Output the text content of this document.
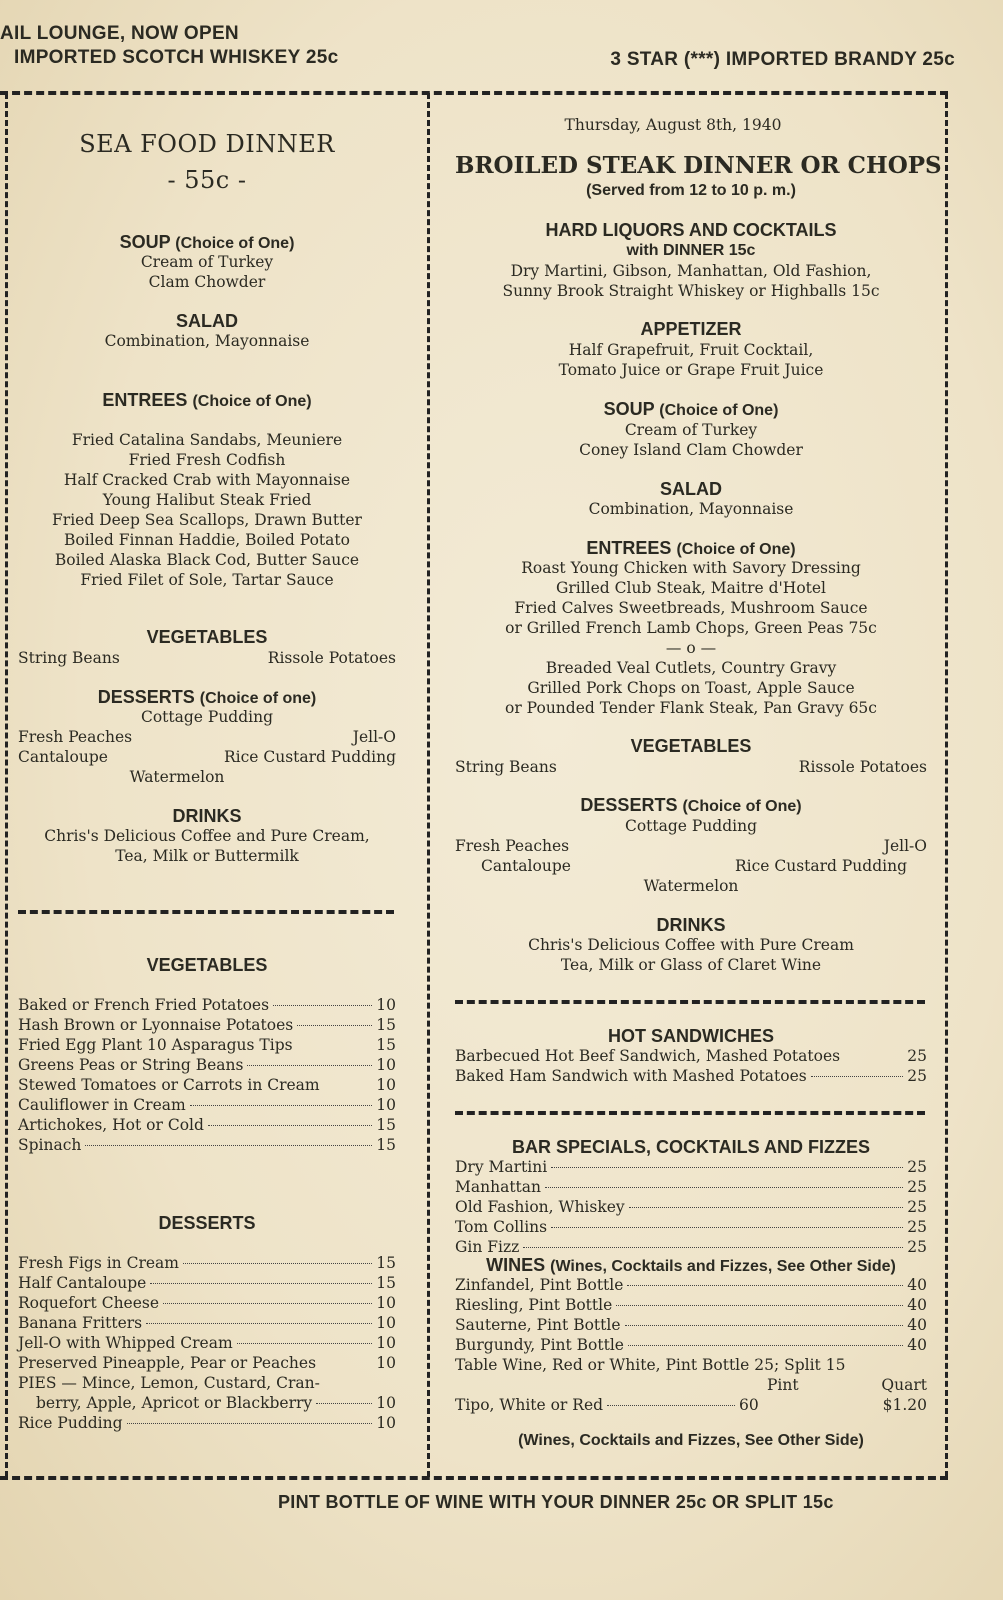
AIL LOUNGE, NOW OPEN
IMPORTED SCOTCH WHISKEY 25c	3 STAR (***) IMPORTED BRANDY 25c
PINT BOTTLE OF WINE WITH YOUR DINNER 25c OR SPLIT 15c
SEA FOOD DINNER
- 55c -
SOUP (Choice of One)
Cream of Turkey
Clam Chowder
SALAD
Combination, Mayonnaise
ENTREES (Choice of One)
Fried Catalina Sandabs, Meuniere
Fried Fresh Codfish
Half Cracked Crab with Mayonnaise
Young Halibut Steak Fried
Fried Deep Sea Scallops, Drawn Butter
Boiled Finnan Haddie, Boiled Potato
Boiled Alaska Black Cod, Butter Sauce
Fried Filet of Sole, Tartar Sauce
VEGETABLES
String Beans	Rissole Potatoes
DESSERTS (Choice of one)
Cottage Pudding
Fresh Peaches	Jell-O
Cantaloupe	Rice Custard Pudding
Watermelon
DRINKS
Chris's Delicious Coffee and Pure Cream,
Tea, Milk or Buttermilk
VEGETABLES
Baked or French Fried Potatoes	10
Hash Brown or Lyonnaise Potatoes	15
Fried Egg Plant 10 Asparagus Tips	15
Greens Peas or String Beans	10
Stewed Tomatoes or Carrots in Cream	10
Cauliflower in Cream	10
Artichokes, Hot or Cold	15
Spinach	15
DESSERTS
Fresh Figs in Cream	15
Half Cantaloupe	15
Roquefort Cheese	10
Banana Fritters	10
Jell-O with Whipped Cream	10
Preserved Pineapple, Pear or Peaches	10
PIES — Mince, Lemon, Custard, Cran-
berry, Apple, Apricot or Blackberry	10
Rice Pudding	10
Thursday, August 8th, 1940
BROILED STEAK DINNER OR CHOPS
(Served from 12 to 10 p. m.)
HARD LIQUORS AND COCKTAILS
with DINNER 15c
Dry Martini, Gibson, Manhattan, Old Fashion,
Sunny Brook Straight Whiskey or Highballs 15c
APPETIZER
Half Grapefruit, Fruit Cocktail,
Tomato Juice or Grape Fruit Juice
SOUP (Choice of One)
Cream of Turkey
Coney Island Clam Chowder
SALAD
Combination, Mayonnaise
ENTREES (Choice of One)
Roast Young Chicken with Savory Dressing
Grilled Club Steak, Maitre d'Hotel
Fried Calves Sweetbreads, Mushroom Sauce
or Grilled French Lamb Chops, Green Peas 75c
— o —
Breaded Veal Cutlets, Country Gravy
Grilled Pork Chops on Toast, Apple Sauce
or Pounded Tender Flank Steak, Pan Gravy 65c
VEGETABLES
String Beans	Rissole Potatoes
DESSERTS (Choice of One)
Cottage Pudding
Fresh Peaches	Jell-O
Cantaloupe	Rice Custard Pudding
Watermelon
DRINKS
Chris's Delicious Coffee with Pure Cream
Tea, Milk or Glass of Claret Wine
HOT SANDWICHES
Barbecued Hot Beef Sandwich, Mashed Potatoes	25
Baked Ham Sandwich with Mashed Potatoes	25
BAR SPECIALS, COCKTAILS AND FIZZES
Dry Martini	25
Manhattan	25
Old Fashion, Whiskey	25
Tom Collins	25
Gin Fizz	25
WINES (Wines, Cocktails and Fizzes, See Other Side)
Zinfandel, Pint Bottle	40
Riesling, Pint Bottle	40
Sauterne, Pint Bottle	40
Burgundy, Pint Bottle	40
Table Wine, Red or White, Pint Bottle 25; Split 15
Pint	Quart
Tipo, White or Red	60	$1.20
(Wines, Cocktails and Fizzes, See Other Side)
